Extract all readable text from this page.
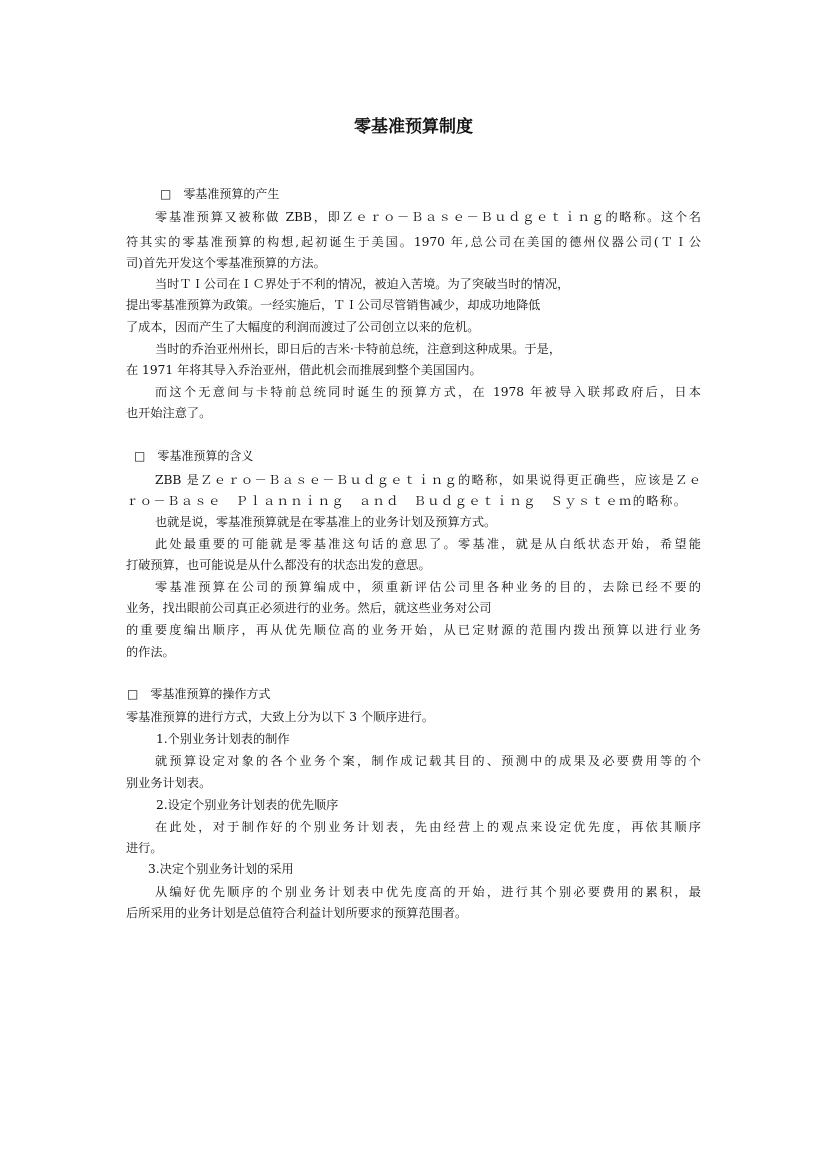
零基准预算制度
□　零基准预算的产生
零基准预算又被称做 ZBB，即Ｚｅｒｏ－Ｂａｓｅ－Ｂｕｄｇｅｔｉｎｇ的略称。这个名
符其实的零基准预算的构想,起初诞生于美国。1970 年,总公司在美国的德州仪器公司(ＴＩ公
司)首先开发这个零基准预算的方法。
当时ＴＩ公司在ＩＣ界处于不利的情况，被迫入苦境。为了突破当时的情况，
提出零基准预算为政策。一经实施后，ＴＩ公司尽管销售减少，却成功地降低
了成本，因而产生了大幅度的利润而渡过了公司创立以来的危机。
当时的乔治亚州州长，即日后的吉米·卡特前总统，注意到这种成果。于是，
在 1971 年将其导入乔治亚州，借此机会而推展到整个美国国内。
而这个无意间与卡特前总统同时诞生的预算方式，在 1978 年被导入联邦政府后，日本
也开始注意了。
□　零基准预算的含义
ZBB 是Ｚｅｒｏ－Ｂａｓｅ－Ｂｕｄｇｅｔｉｎｇ的略称，如果说得更正确些，应该是Ｚｅ
ｒｏ－Ｂａｓｅ　Ｐｌａｎｎｉｎｇ　ａｎｄ　Ｂｕｄｇｅｔｉｎｇ　Ｓｙｓｔｅｍ的略称。
也就是说，零基准预算就是在零基准上的业务计划及预算方式。
此处最重要的可能就是零基准这句话的意思了。零基准，就是从白纸状态开始，希望能
打破预算，也可能说是从什么都没有的状态出发的意思。
零基准预算在公司的预算编成中，须重新评估公司里各种业务的目的，去除已经不要的
业务，找出眼前公司真正必须进行的业务。然后，就这些业务对公司
的重要度编出顺序，再从优先顺位高的业务开始，从已定财源的范围内拨出预算以进行业务
的作法。
□　零基准预算的操作方式
零基准预算的进行方式，大致上分为以下 3 个顺序进行。
1.个别业务计划表的制作
就预算设定对象的各个业务个案，制作成记载其目的、预测中的成果及必要费用等的个
别业务计划表。
2.设定个别业务计划表的优先顺序
在此处，对于制作好的个别业务计划表，先由经营上的观点来设定优先度，再依其顺序
进行。
3.决定个别业务计划的采用
从编好优先顺序的个别业务计划表中优先度高的开始，进行其个别必要费用的累积，最
后所采用的业务计划是总值符合利益计划所要求的预算范围者。
